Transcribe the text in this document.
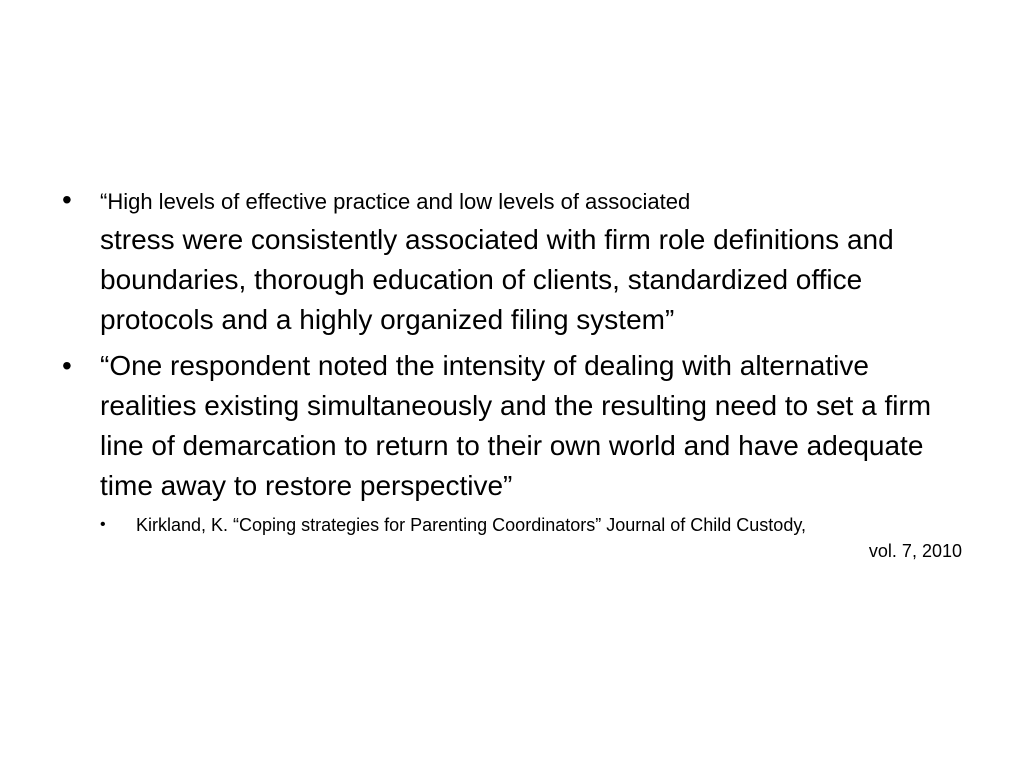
• “High levels of effective practice and low levels of associated
stress were consistently associated with firm role definitions and boundaries, thorough education of clients, standardized office protocols and a highly organized filing system”
• “One respondent noted the intensity of dealing with alternative realities existing simultaneously and the resulting need to set a firm line of demarcation to return to their own world and have adequate time away to restore perspective”
• Kirkland, K. “Coping strategies for Parenting Coordinators” Journal of Child Custody,
vol. 7, 2010
